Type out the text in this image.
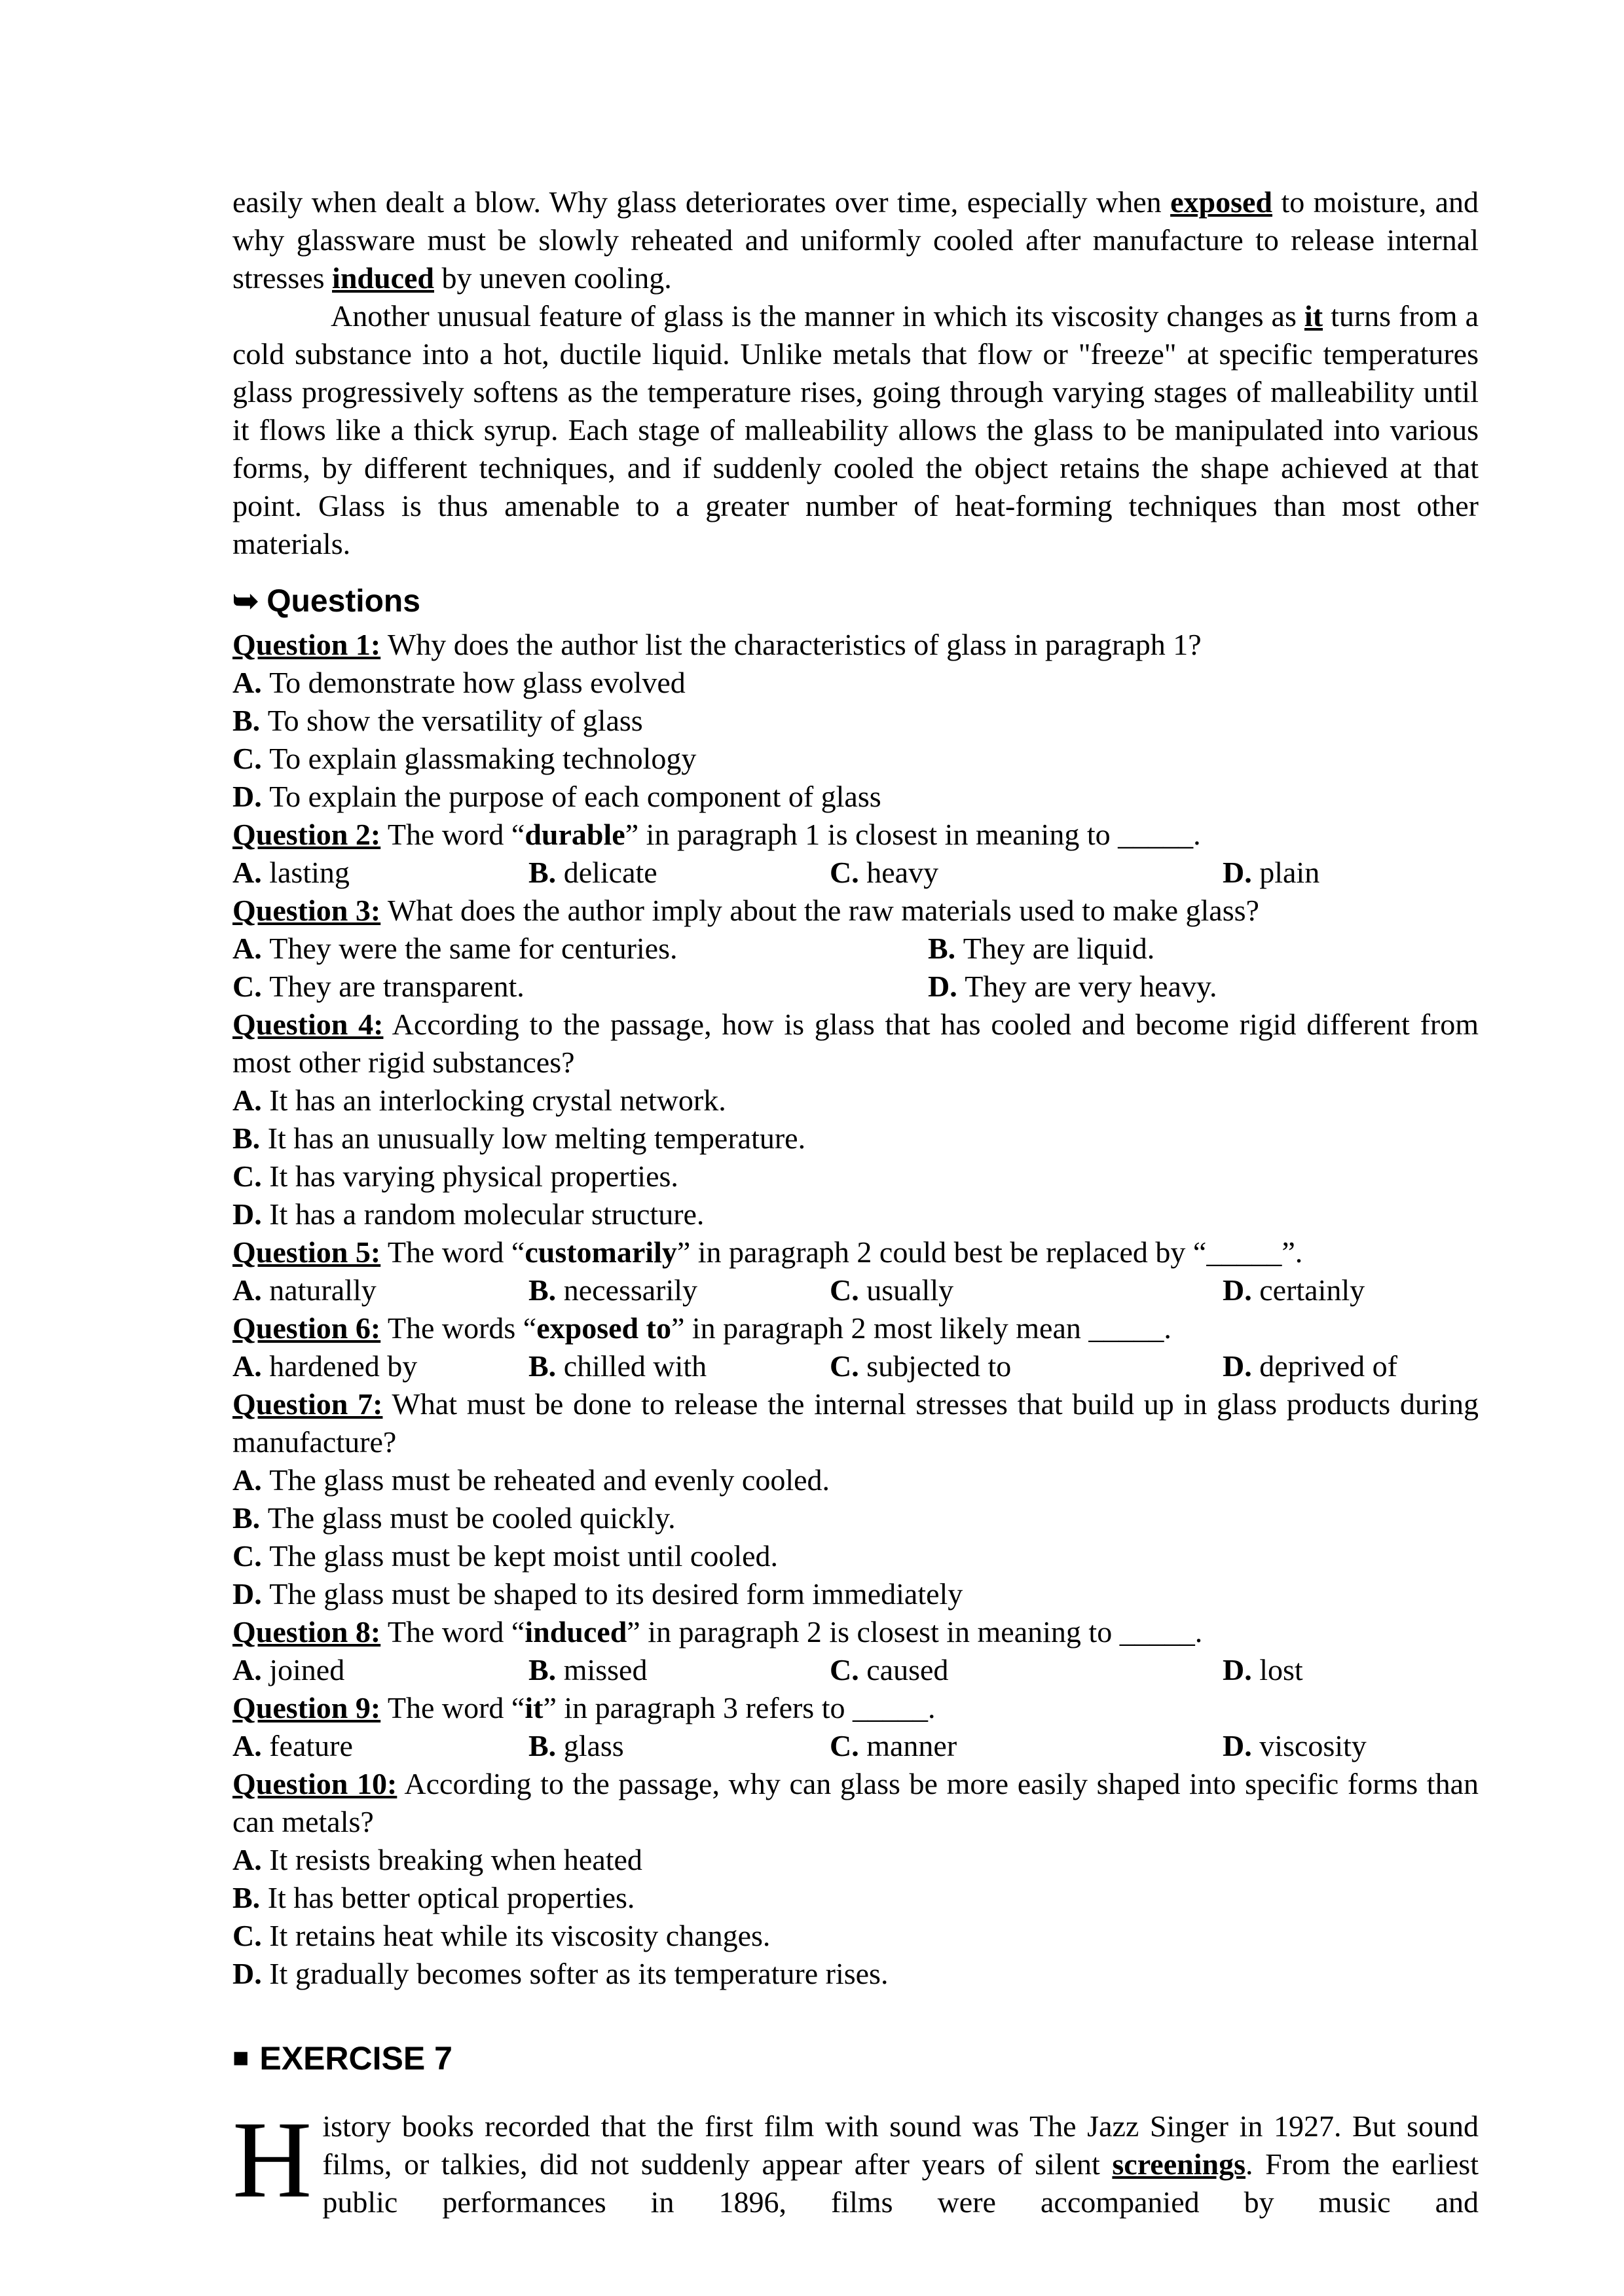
easily when dealt a blow. Why glass deteriorates over time, especially when exposed to moisture, and why glassware must be slowly reheated and uniformly cooled after manufacture to release internal stresses induced by uneven cooling.

Another unusual feature of glass is the manner in which its viscosity changes as it turns from a cold substance into a hot, ductile liquid. Unlike metals that flow or "freeze" at specific temperatures glass progressively softens as the temperature rises, going through varying stages of malleability until it flows like a thick syrup. Each stage of malleability allows the glass to be manipulated into various forms, by different techniques, and if suddenly cooled the object retains the shape achieved at that point. Glass is thus amenable to a greater number of heat-forming techniques than most other materials.

➥ Questions

Question 1: Why does the author list the characteristics of glass in paragraph 1?

A. To demonstrate how glass evolved
B. To show the versatility of glass
C. To explain glassmaking technology
D. To explain the purpose of each component of glass

Question 2: The word “durable” in paragraph 1 is closest in meaning to _____.

A. lasting	B. delicate	C. heavy	D. plain

Question 3: What does the author imply about the raw materials used to make glass?

A. They were the same for centuries.	B. They are liquid.
C. They are transparent.	D. They are very heavy.

Question 4: According to the passage, how is glass that has cooled and become rigid different from most other rigid substances?

A. It has an interlocking crystal network.
B. It has an unusually low melting temperature.
C. It has varying physical properties.
D. It has a random molecular structure.

Question 5: The word “customarily” in paragraph 2 could best be replaced by “_____”.

A. naturally	B. necessarily	C. usually	D. certainly

Question 6: The words “exposed to” in paragraph 2 most likely mean _____.

A. hardened by	B. chilled with	C. subjected to	D. deprived of

Question 7: What must be done to release the internal stresses that build up in glass products during manufacture?

A. The glass must be reheated and evenly cooled.
B. The glass must be cooled quickly.
C. The glass must be kept moist until cooled.
D. The glass must be shaped to its desired form immediately

Question 8: The word “induced” in paragraph 2 is closest in meaning to _____.

A. joined	B. missed	C. caused	D. lost

Question 9: The word “it” in paragraph 3 refers to _____.

A. feature	B. glass	C. manner	D. viscosity

Question 10: According to the passage, why can glass be more easily shaped into specific forms than can metals?

A. It resists breaking when heated
B. It has better optical properties.
C. It retains heat while its viscosity changes.
D. It gradually becomes softer as its temperature rises.
■ EXERCISE 7

History books recorded that the first film with sound was The Jazz Singer in 1927. But sound films, or talkies, did not suddenly appear after years of silent screenings. From the earliest public performances in 1896, films were accompanied by music and
